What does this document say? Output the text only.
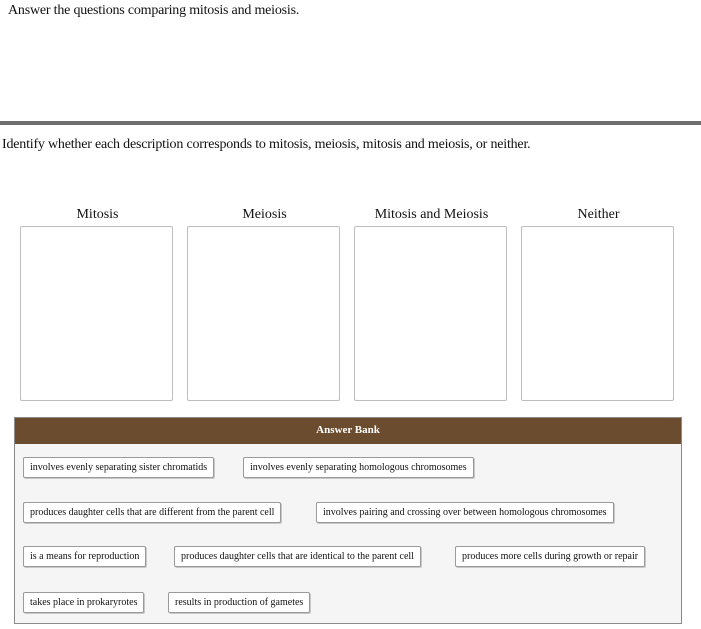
Answer the questions comparing mitosis and meiosis.
Identify whether each description corresponds to mitosis, meiosis, mitosis and meiosis, or neither.
Mitosis	Meiosis	Mitosis and Meiosis	Neither
Answer Bank
involves evenly separating sister chromatids	involves evenly separating homologous chromosomes
produces daughter cells that are different from the parent cell	involves pairing and crossing over between homologous chromosomes
is a means for reproduction	produces daughter cells that are identical to the parent cell	produces more cells during growth or repair
takes place in prokaryrotes	results in production of gametes
